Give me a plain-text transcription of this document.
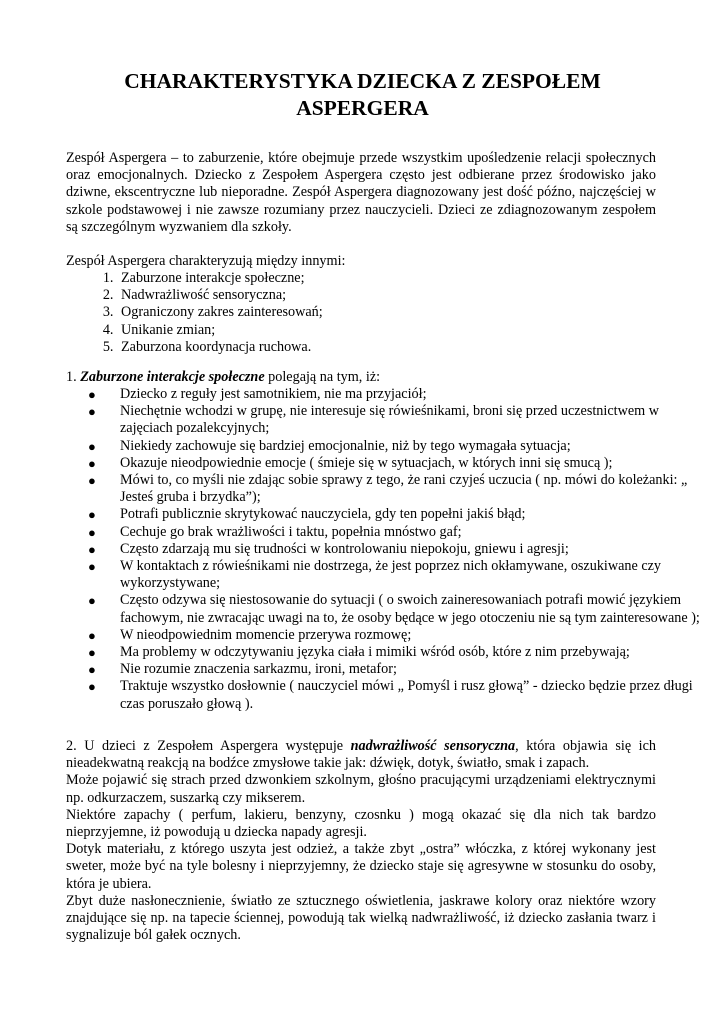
CHARAKTERYSTYKA DZIECKA Z ZESPOŁEM ASPERGERA

Zespół Aspergera – to zaburzenie, które obejmuje przede wszystkim upośledzenie relacji społecznych oraz emocjonalnych. Dziecko z Zespołem Aspergera często jest odbierane przez środowisko jako dziwne, ekscentryczne lub nieporadne. Zespół Aspergera diagnozowany jest dość późno, najczęściej w szkole podstawowej i nie zawsze rozumiany przez nauczycieli. Dzieci ze zdiagnozowanym zespołem są szczególnym wyzwaniem dla szkoły.

Zespół Aspergera charakteryzują między innymi:

1. Zaburzone interakcje społeczne;
2. Nadwrażliwość sensoryczna;
3. Ograniczony zakres zainteresowań;
4. Unikanie zmian;
5. Zaburzona koordynacja ruchowa.

1. Zaburzone interakcje społeczne polegają na tym, iż:

● Dziecko z reguły jest samotnikiem, nie ma przyjaciół;
● Niechętnie wchodzi w grupę, nie interesuje się rówieśnikami, broni się przed uczestnictwem w zajęciach pozalekcyjnych;
● Niekiedy zachowuje się bardziej emocjonalnie, niż by tego wymagała sytuacja;
● Okazuje nieodpowiednie emocje ( śmieje się w sytuacjach, w których inni się smucą );
● Mówi to, co myśli nie zdając sobie sprawy z tego, że rani czyjeś uczucia ( np. mówi do koleżanki: „ Jesteś gruba i brzydka”);
● Potrafi publicznie skrytykować nauczyciela, gdy ten popełni jakiś błąd;
● Cechuje go brak wrażliwości i taktu, popełnia mnóstwo gaf;
● Często zdarzają mu się trudności w kontrolowaniu niepokoju, gniewu i agresji;
● W kontaktach z rówieśnikami nie dostrzega, że jest poprzez nich okłamywane, oszukiwane czy wykorzystywane;
● Często odzywa się niestosowanie do sytuacji ( o swoich zaineresowaniach potrafi mowić językiem fachowym, nie zwracając uwagi na to, że osoby będące w jego otoczeniu nie są tym zainteresowane );
● W nieodpowiednim momencie przerywa rozmowę;
● Ma problemy w odczytywaniu języka ciała i mimiki wśród osób, które z nim przebywają;
● Nie rozumie znaczenia sarkazmu, ironi, metafor;
● Traktuje wszystko dosłownie ( nauczyciel mówi „ Pomyśl i rusz głową” - dziecko będzie przez długi czas poruszało głową ).
2. U dzieci z Zespołem Aspergera występuje nadwrażliwość sensoryczna, która objawia się ich nieadekwatną reakcją na bodźce zmysłowe takie jak: dźwięk, dotyk, światło, smak i zapach.
Może pojawić się strach przed dzwonkiem szkolnym, głośno pracującymi urządzeniami elektrycznymi np. odkurzaczem, suszarką czy mikserem.
Niektóre zapachy ( perfum, lakieru, benzyny, czosnku ) mogą okazać się dla nich tak bardzo nieprzyjemne, iż powodują u dziecka napady agresji.
Dotyk materiału, z którego uszyta jest odzież, a także zbyt „ostra” włóczka, z której wykonany jest sweter, może być na tyle bolesny i nieprzyjemny, że dziecko staje się agresywne w stosunku do osoby, która je ubiera.
Zbyt duże nasłonecznienie, światło ze sztucznego oświetlenia, jaskrawe kolory oraz niektóre wzory znajdujące się np. na tapecie ściennej, powodują tak wielką nadwrażliwość, iż dziecko zasłania twarz i sygnalizuje ból gałek ocznych.
